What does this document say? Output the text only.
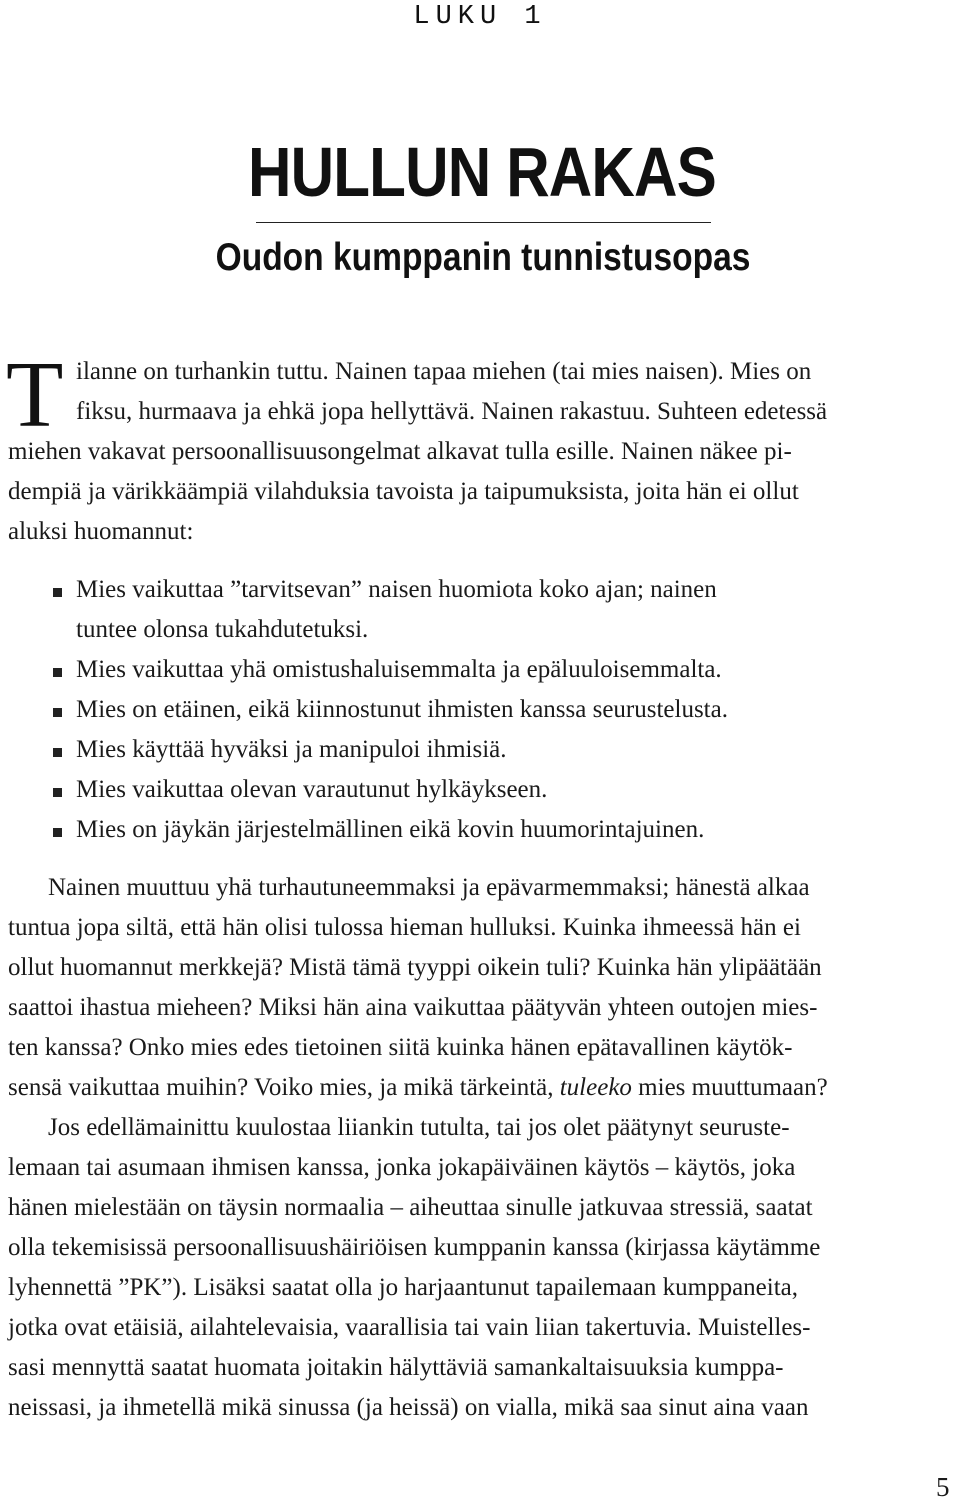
LUKU 1
HULLUN RAKAS
Oudon kumppanin tunnistusopas
T ilanne on turhankin tuttu. Nainen tapaa miehen (tai mies naisen). Mies on
fiksu, hurmaava ja ehkä jopa hellyttävä. Nainen rakastuu. Suhteen edetessä
miehen vakavat persoonallisuusongelmat alkavat tulla esille. Nainen näkee pi-
dempiä ja värikkäämpiä vilahduksia tavoista ja taipumuksista, joita hän ei ollut
aluksi huomannut:
Mies vaikuttaa ”tarvitsevan” naisen huomiota koko ajan; nainen
tuntee olonsa tukahdutetuksi.
Mies vaikuttaa yhä omistushaluisemmalta ja epäluuloisemmalta.
Mies on etäinen, eikä kiinnostunut ihmisten kanssa seurustelusta.
Mies käyttää hyväksi ja manipuloi ihmisiä.
Mies vaikuttaa olevan varautunut hylkäykseen.
Mies on jäykän järjestelmällinen eikä kovin huumorintajuinen.
Nainen muuttuu yhä turhautuneemmaksi ja epävarmemmaksi; hänestä alkaa
tuntua jopa siltä, että hän olisi tulossa hieman hulluksi. Kuinka ihmeessä hän ei
ollut huomannut merkkejä? Mistä tämä tyyppi oikein tuli? Kuinka hän ylipäätään
saattoi ihastua mieheen? Miksi hän aina vaikuttaa päätyvän yhteen outojen mies-
ten kanssa? Onko mies edes tietoinen siitä kuinka hänen epätavallinen käytök-
sensä vaikuttaa muihin? Voiko mies, ja mikä tärkeintä, tuleeko mies muuttumaan?
Jos edellämainittu kuulostaa liiankin tutulta, tai jos olet päätynyt seuruste-
lemaan tai asumaan ihmisen kanssa, jonka jokapäiväinen käytös – käytös, joka
hänen mielestään on täysin normaalia – aiheuttaa sinulle jatkuvaa stressiä, saatat
olla tekemisissä persoonallisuushäiriöisen kumppanin kanssa (kirjassa käytämme
lyhennettä ”PK”). Lisäksi saatat olla jo harjaantunut tapailemaan kumppaneita,
jotka ovat etäisiä, ailahtelevaisia, vaarallisia tai vain liian takertuvia. Muistelles-
sasi mennyttä saatat huomata joitakin hälyttäviä samankaltaisuuksia kumppa-
neissasi, ja ihmetellä mikä sinussa (ja heissä) on vialla, mikä saa sinut aina vaan
5
